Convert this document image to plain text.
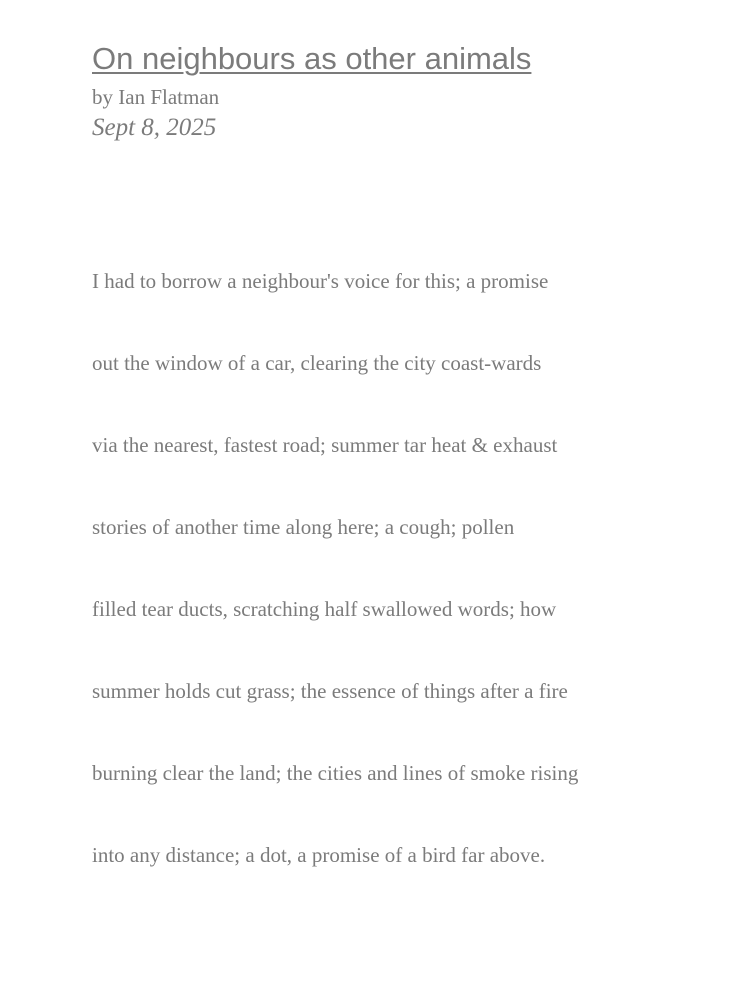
On neighbours as other animals
by Ian Flatman
Sept 8, 2025
I had to borrow a neighbour's voice for this; a promise
out the window of a car, clearing the city coast-wards
via the nearest, fastest road; summer tar heat & exhaust
stories of another time along here; a cough; pollen
filled tear ducts, scratching half swallowed words; how
summer holds cut grass; the essence of things after a fire
burning clear the land; the cities and lines of smoke rising
into any distance; a dot, a promise of a bird far above.
